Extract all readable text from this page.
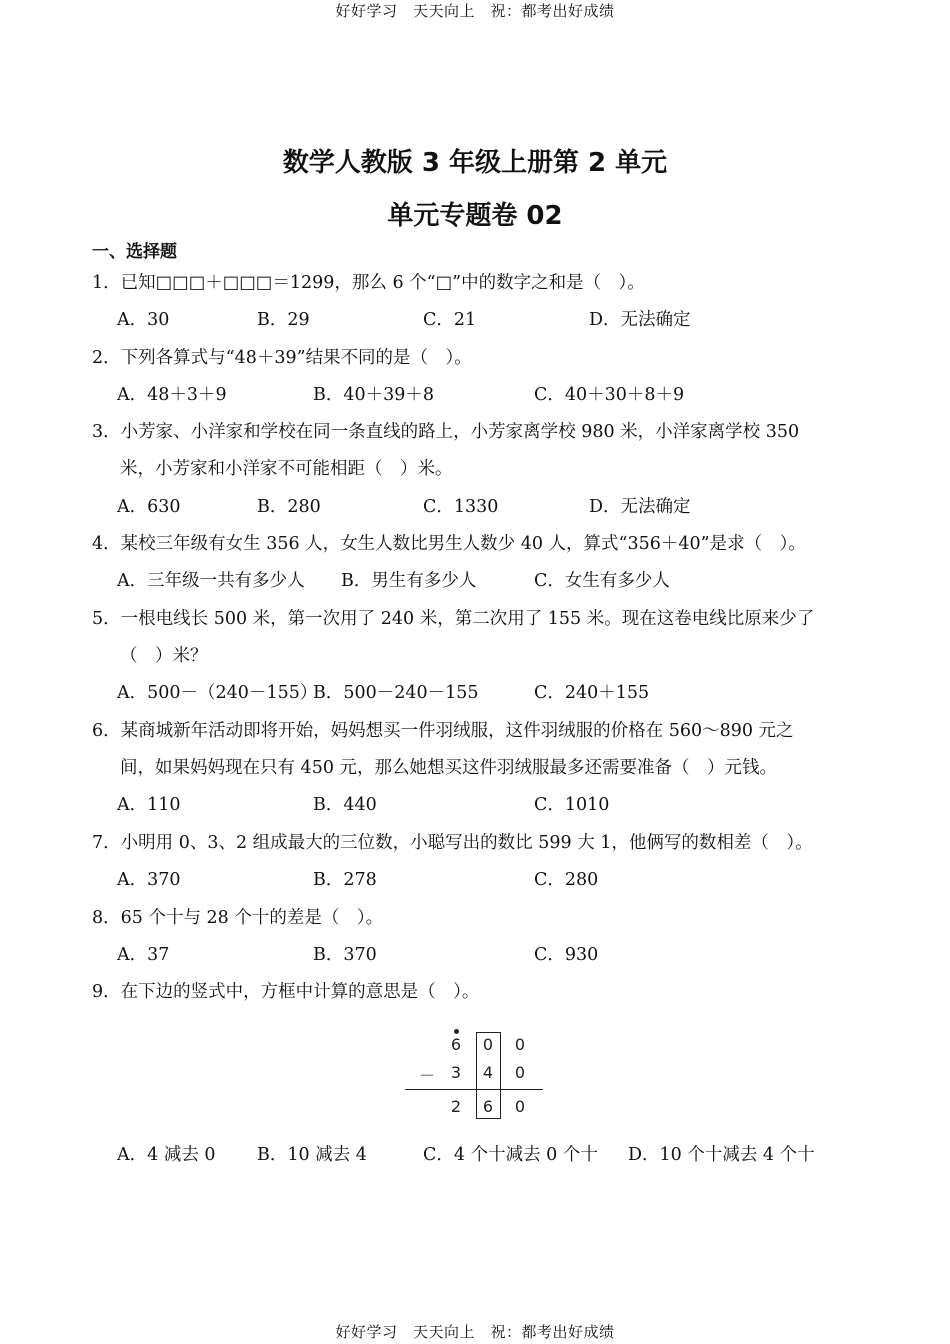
好好学习　天天向上　祝：都考出好成绩
数学人教版 3 年级上册第 2 单元
单元专题卷 02
一、选择题
1．已知□□□＋□□□＝1299，那么 6 个“□”中的数字之和是（　）。
A．30	B．29	C．21	D．无法确定
2．下列各算式与“48＋39”结果不同的是（　）。
A．48＋3＋9	B．40＋39＋8	C．40＋30＋8＋9
3．小芳家、小洋家和学校在同一条直线的路上，小芳家离学校 980 米，小洋家离学校 350
米，小芳家和小洋家不可能相距（　）米。
A．630	B．280	C．1330	D．无法确定
4．某校三年级有女生 356 人，女生人数比男生人数少 40 人，算式“356＋40”是求（　）。
A．三年级一共有多少人 B．男生有多少人	C．女生有多少人
5．一根电线长 500 米，第一次用了 240 米，第二次用了 155 米。现在这卷电线比原来少了
（　）米？
A．500－（240－155）
B．500－240－155	C．240＋155
6．某商城新年活动即将开始，妈妈想买一件羽绒服，这件羽绒服的价格在 560～890 元之
间，如果妈妈现在只有 450 元，那么她想买这件羽绒服最多还需要准备（　）元钱。
A．110	B．440	C．1010
7．小明用 0、3、2 组成最大的三位数，小聪写出的数比 599 大 1，他俩写的数相差（　）。
A．370	B．278	C．280
8．65 个十与 28 个十的差是（　）。
A．37	B．370	C．930
9．在下边的竖式中，方框中计算的意思是（　）。
6	0	0
－ 3	4	0
2	6	0
A．4 减去 0 B．10 减去 4	C．4 个十减去 0 个十 D．10 个十减去 4 个十
好好学习　天天向上　祝：都考出好成绩
